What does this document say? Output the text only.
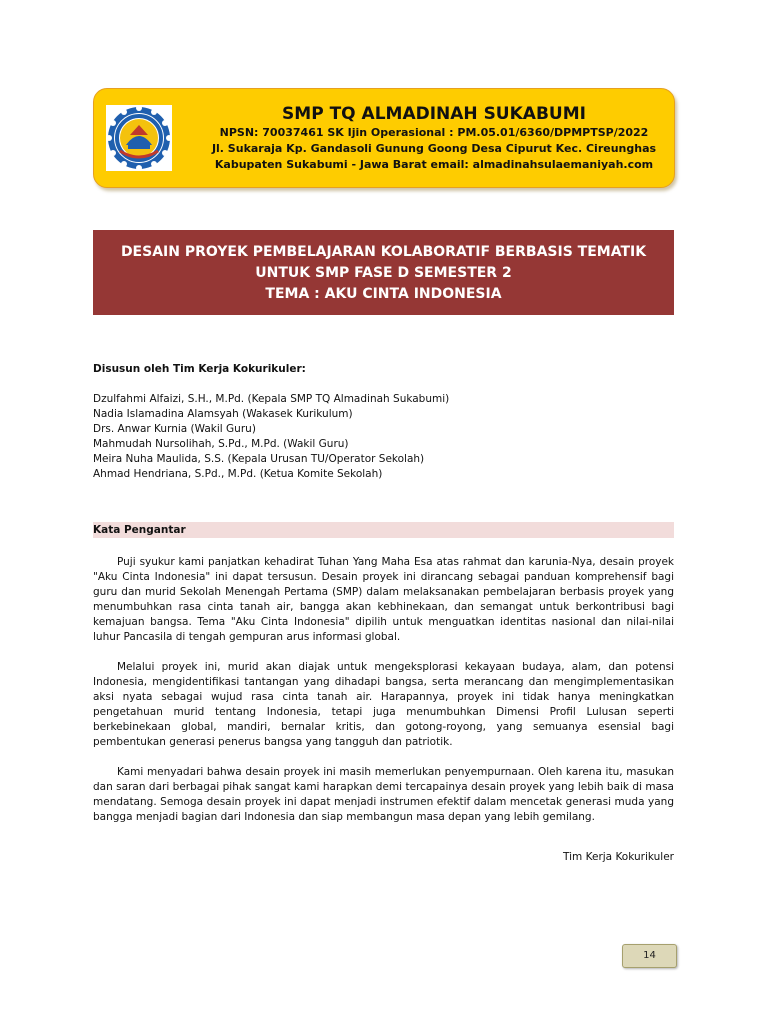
SMP TQ ALMADINAH SUKABUMI
NPSN: 70037461 SK Ijin Operasional : PM.05.01/6360/DPMPTSP/2022
Jl. Sukaraja Kp. Gandasoli Gunung Goong Desa Cipurut Kec. Cireunghas
Kabupaten Sukabumi - Jawa Barat email: almadinahsulaemaniyah.com
DESAIN PROYEK PEMBELAJARAN KOLABORATIF BERBASIS TEMATIK
UNTUK SMP FASE D SEMESTER 2
TEMA : AKU CINTA INDONESIA
Disusun oleh Tim Kerja Kokurikuler:
Dzulfahmi Alfaizi, S.H., M.Pd. (Kepala SMP TQ Almadinah Sukabumi)
Nadia Islamadina Alamsyah (Wakasek Kurikulum)
Drs. Anwar Kurnia (Wakil Guru)
Mahmudah Nursolihah, S.Pd., M.Pd. (Wakil Guru)
Meira Nuha Maulida, S.S. (Kepala Urusan TU/Operator Sekolah)
Ahmad Hendriana, S.Pd., M.Pd. (Ketua Komite Sekolah)
Kata Pengantar

Puji syukur kami panjatkan kehadirat Tuhan Yang Maha Esa atas rahmat dan karunia-Nya, desain proyek "Aku Cinta Indonesia" ini dapat tersusun. Desain proyek ini dirancang sebagai panduan komprehensif bagi guru dan murid Sekolah Menengah Pertama (SMP) dalam melaksanakan pembelajaran berbasis proyek yang menumbuhkan rasa cinta tanah air, bangga akan kebhinekaan, dan semangat untuk berkontribusi bagi kemajuan bangsa. Tema "Aku Cinta Indonesia" dipilih untuk menguatkan identitas nasional dan nilai-nilai luhur Pancasila di tengah gempuran arus informasi global.

Melalui proyek ini, murid akan diajak untuk mengeksplorasi kekayaan budaya, alam, dan potensi Indonesia, mengidentifikasi tantangan yang dihadapi bangsa, serta merancang dan mengimplementasikan aksi nyata sebagai wujud rasa cinta tanah air. Harapannya, proyek ini tidak hanya meningkatkan pengetahuan murid tentang Indonesia, tetapi juga menumbuhkan Dimensi Profil Lulusan seperti berkebinekaan global, mandiri, bernalar kritis, dan gotong-royong, yang semuanya esensial bagi pembentukan generasi penerus bangsa yang tangguh dan patriotik.

Kami menyadari bahwa desain proyek ini masih memerlukan penyempurnaan. Oleh karena itu, masukan dan saran dari berbagai pihak sangat kami harapkan demi tercapainya desain proyek yang lebih baik di masa mendatang. Semoga desain proyek ini dapat menjadi instrumen efektif dalam mencetak generasi muda yang bangga menjadi bagian dari Indonesia dan siap membangun masa depan yang lebih gemilang.

Tim Kerja Kokurikuler
14
